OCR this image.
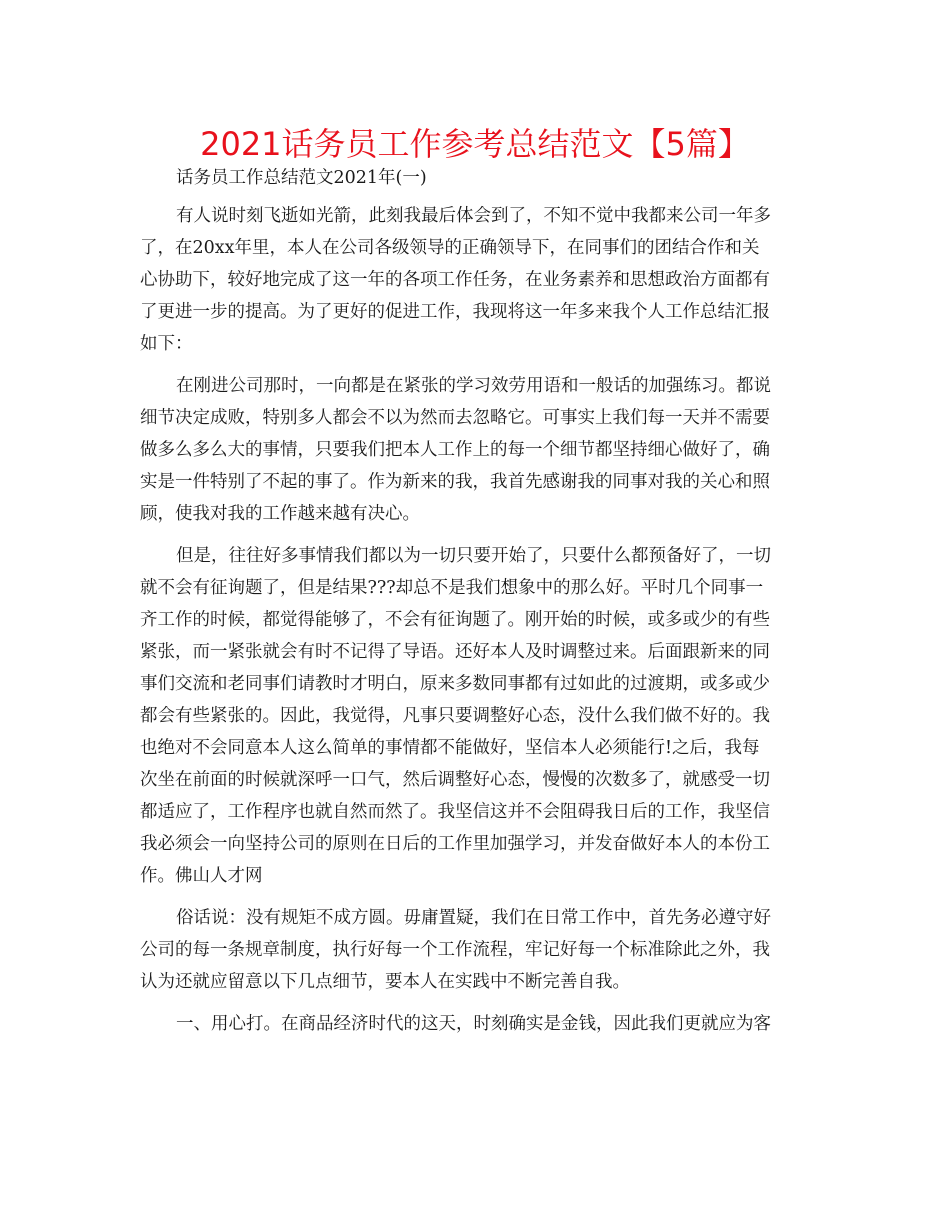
2021话务员工作参考总结范文【5篇】
话务员工作总结范文2021年(一)
有人说时刻飞逝如光箭，此刻我最后体会到了，不知不觉中我都来公司一年多
了，在20xx年里，本人在公司各级领导的正确领导下，在同事们的团结合作和关
心协助下，较好地完成了这一年的各项工作任务，在业务素养和思想政治方面都有
了更进一步的提高。为了更好的促进工作，我现将这一年多来我个人工作总结汇报
如下：
在刚进公司那时，一向都是在紧张的学习效劳用语和一般话的加强练习。都说
细节决定成败，特别多人都会不以为然而去忽略它。可事实上我们每一天并不需要
做多么多么大的事情，只要我们把本人工作上的每一个细节都坚持细心做好了，确
实是一件特别了不起的事了。作为新来的我，我首先感谢我的同事对我的关心和照
顾，使我对我的工作越来越有决心。
但是，往往好多事情我们都以为一切只要开始了，只要什么都预备好了，一切
就不会有征询题了，但是结果???却总不是我们想象中的那么好。平时几个同事一
齐工作的时候，都觉得能够了，不会有征询题了。刚开始的时候，或多或少的有些
紧张，而一紧张就会有时不记得了导语。还好本人及时调整过来。后面跟新来的同
事们交流和老同事们请教时才明白，原来多数同事都有过如此的过渡期，或多或少
都会有些紧张的。因此，我觉得，凡事只要调整好心态，没什么我们做不好的。我
也绝对不会同意本人这么简单的事情都不能做好，坚信本人必须能行!之后，我每
次坐在前面的时候就深呼一口气，然后调整好心态，慢慢的次数多了，就感受一切
都适应了，工作程序也就自然而然了。我坚信这并不会阻碍我日后的工作，我坚信
我必须会一向坚持公司的原则在日后的工作里加强学习，并发奋做好本人的本份工
作。佛山人才网
俗话说：没有规矩不成方圆。毋庸置疑，我们在日常工作中，首先务必遵守好
公司的每一条规章制度，执行好每一个工作流程，牢记好每一个标准除此之外，我
认为还就应留意以下几点细节，要本人在实践中不断完善自我。
一、用心打。在商品经济时代的这天，时刻确实是金钱，因此我们更就应为客
